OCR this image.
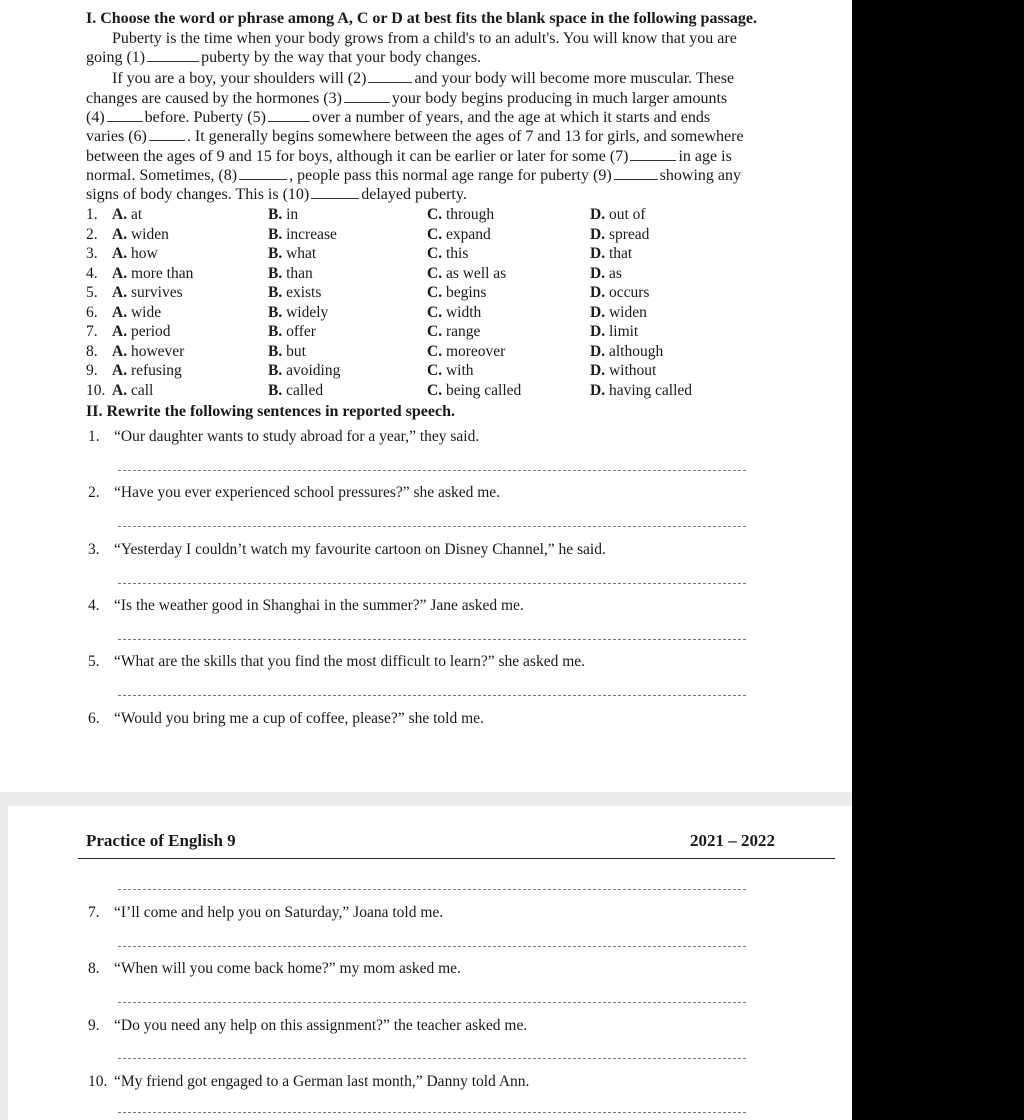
I. Choose the word or phrase among A, C or D at best fits the blank space in the following passage.
Puberty is the time when your body grows from a child's to an adult's. You will know that you are
going (1)	puberty by the way that your body changes.
If you are a boy, your shoulders will (2)	and your body will become more muscular. These
changes are caused by the hormones (3)	your body begins producing in much larger amounts
(4)	before. Puberty (5)	over a number of years, and the age at which it starts and ends
varies (6)	. It generally begins somewhere between the ages of 7 and 13 for girls, and somewhere
between the ages of 9 and 15 for boys, although it can be earlier or later for some (7)	in age is
normal. Sometimes, (8)	, people pass this normal age range for puberty (9)	showing any
signs of body changes. This is (10)	delayed puberty.
1. A. at	B. in	C. through	D. out of
2. A. widen	B. increase	C. expand	D. spread
3. A. how	B. what	C. this	D. that
4. A. more than	B. than	C. as well as	D. as
5. A. survives	B. exists	C. begins	D. occurs
6. A. wide	B. widely	C. width	D. widen
7. A. period	B. offer	C. range	D. limit
8. A. however	B. but	C. moreover	D. although
9. A. refusing	B. avoiding	C. with	D. without
10. A. call	B. called	C. being called	D. having called
II. Rewrite the following sentences in reported speech.
1. “Our daughter wants to study abroad for a year,” they said.
2. “Have you ever experienced school pressures?” she asked me.
3. “Yesterday I couldn’t watch my favourite cartoon on Disney Channel,” he said.
4. “Is the weather good in Shanghai in the summer?” Jane asked me.
5. “What are the skills that you find the most difficult to learn?” she asked me.
6. “Would you bring me a cup of coffee, please?” she told me.
Practice of English 9	2021 – 2022
7. “I’ll come and help you on Saturday,” Joana told me.
8. “When will you come back home?” my mom asked me.
9. “Do you need any help on this assignment?” the teacher asked me.
10. “My friend got engaged to a German last month,” Danny told Ann.
